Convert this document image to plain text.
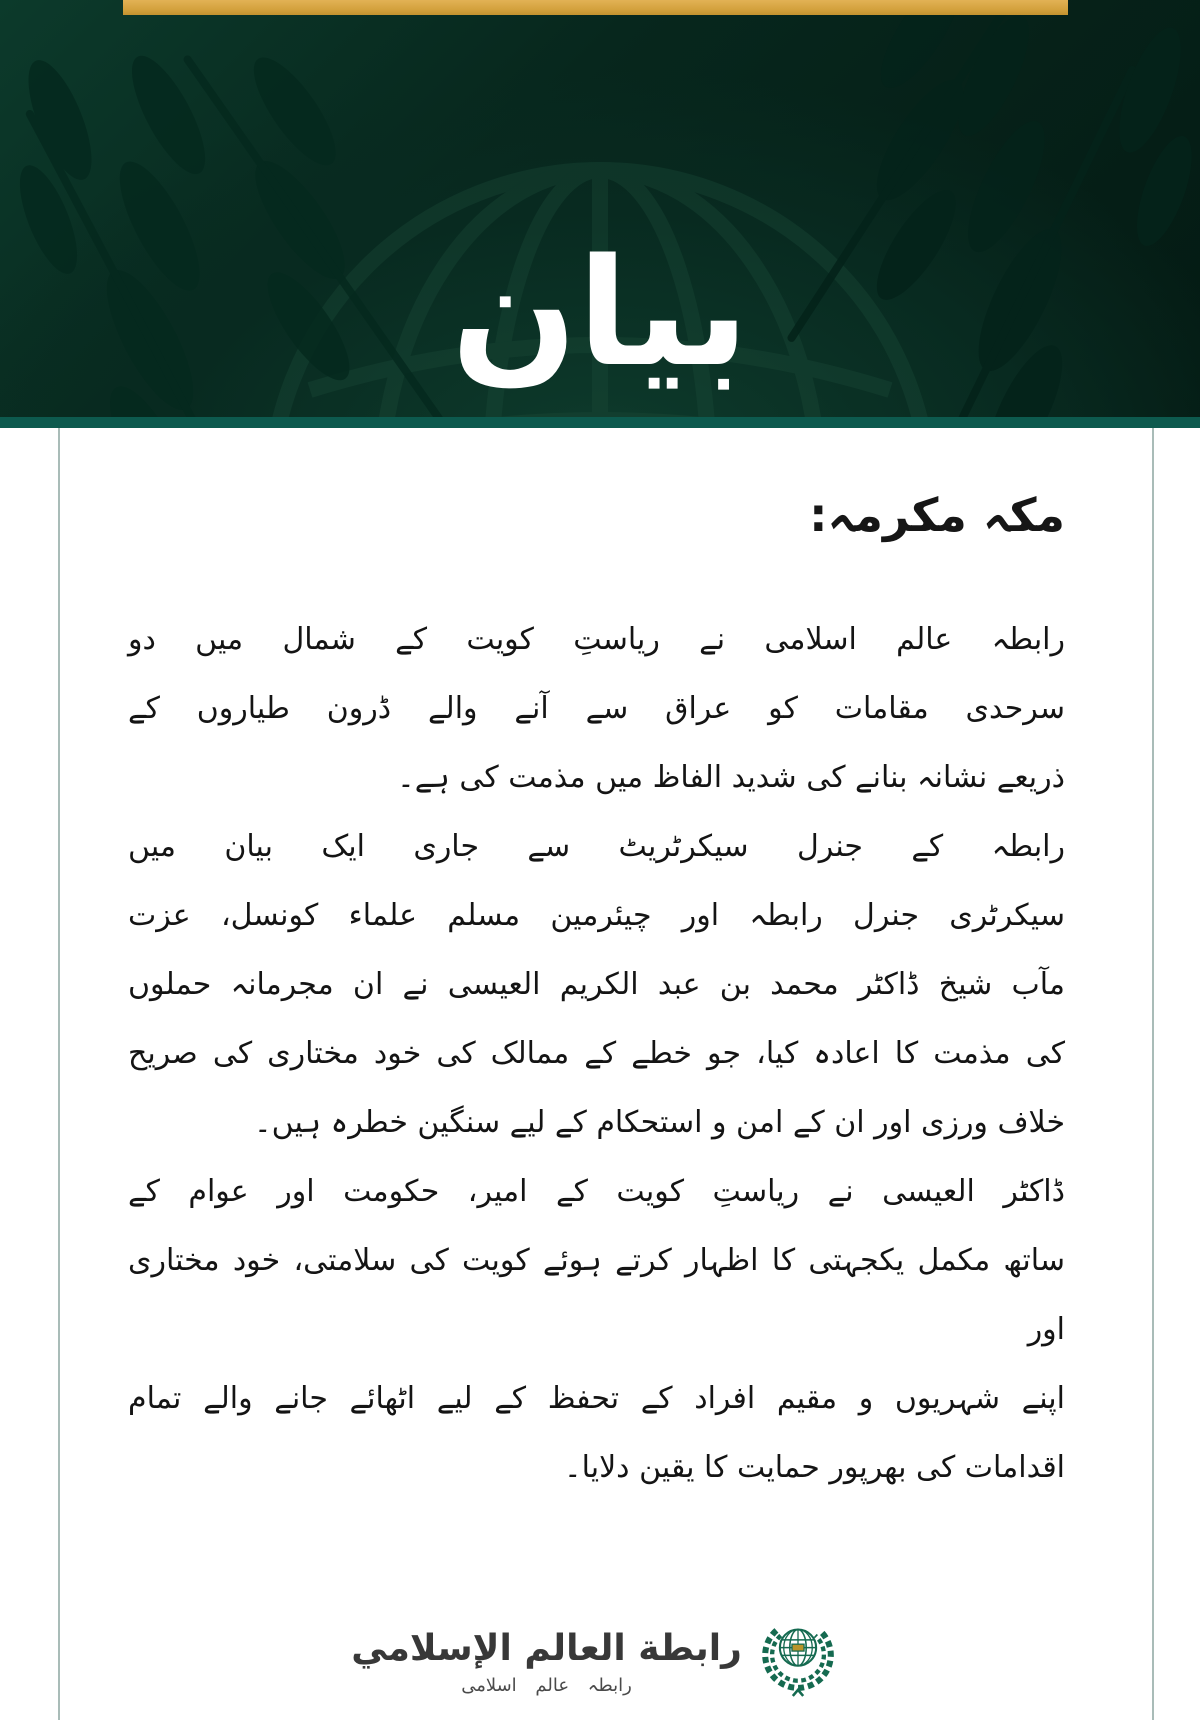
بیان
مکہ مکرمہ:
رابطہ عالم اسلامی نے ریاستِ کویت کے شمال میں دو
سرحدی مقامات کو عراق سے آنے والے ڈرون طیاروں کے
ذریعے نشانہ بنانے کی شدید الفاظ میں مذمت کی ہے۔
رابطہ کے جنرل سیکرٹریٹ سے جاری ایک بیان میں
سیکرٹری جنرل رابطہ اور چیئرمین مسلم علماء کونسل، عزت
مآب شیخ ڈاکٹر محمد بن عبد الکریم العیسی نے ان مجرمانہ حملوں
کی مذمت کا اعادہ کیا، جو خطے کے ممالک کی خود مختاری کی صریح
خلاف ورزی اور ان کے امن و استحکام کے لیے سنگین خطرہ ہیں۔
ڈاکٹر العیسی نے ریاستِ کویت کے امیر، حکومت اور عوام کے
ساتھ مکمل یکجہتی کا اظہار کرتے ہوئے کویت کی سلامتی، خود مختاری اور
اپنے شہریوں و مقیم افراد کے تحفظ کے لیے اٹھائے جانے والے تمام
اقدامات کی بھرپور حمایت کا یقین دلایا۔
رابطة العالم الإسلامي
رابطہ عالم اسلامی
